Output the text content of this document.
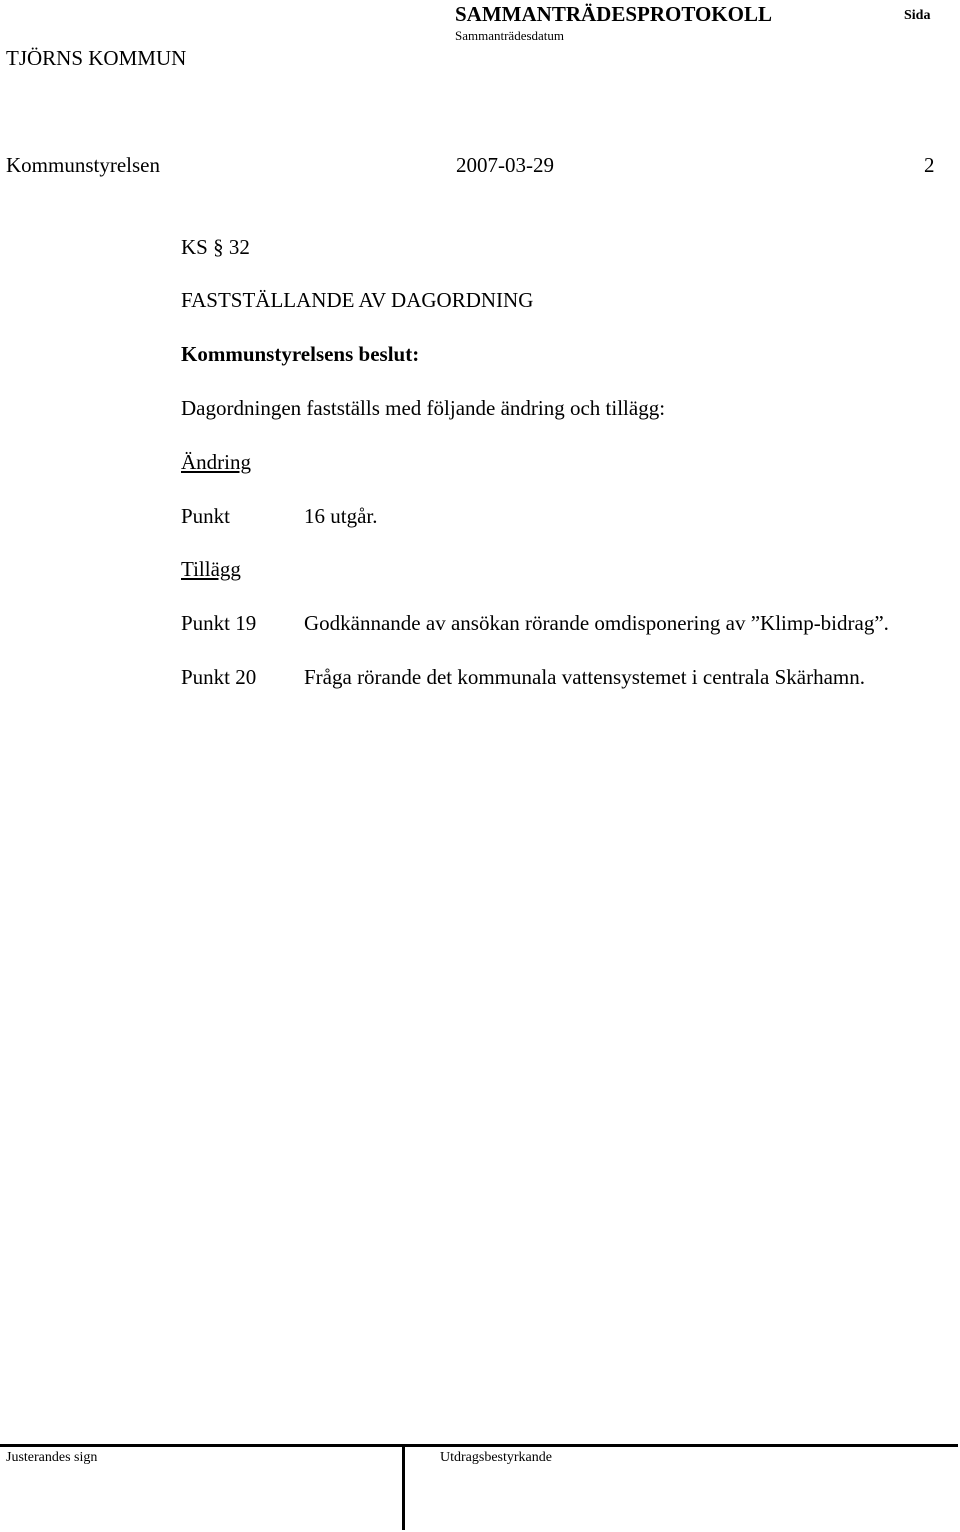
SAMMANTRÄDESPROTOKOLL
Sammanträdesdatum
Sida
TJÖRNS KOMMUN
Kommunstyrelsen	2007-03-29	2
KS § 32
FASTSTÄLLANDE AV DAGORDNING
Kommunstyrelsens beslut:
Dagordningen fastställs med följande ändring och tillägg:
Ändring
Punkt	16 utgår.
Tillägg
Punkt 19 Godkännande av ansökan rörande omdisponering av ”Klimp-bidrag”.
Punkt 20 Fråga rörande det kommunala vattensystemet i centrala Skärhamn.
Justerandes sign	Utdragsbestyrkande
